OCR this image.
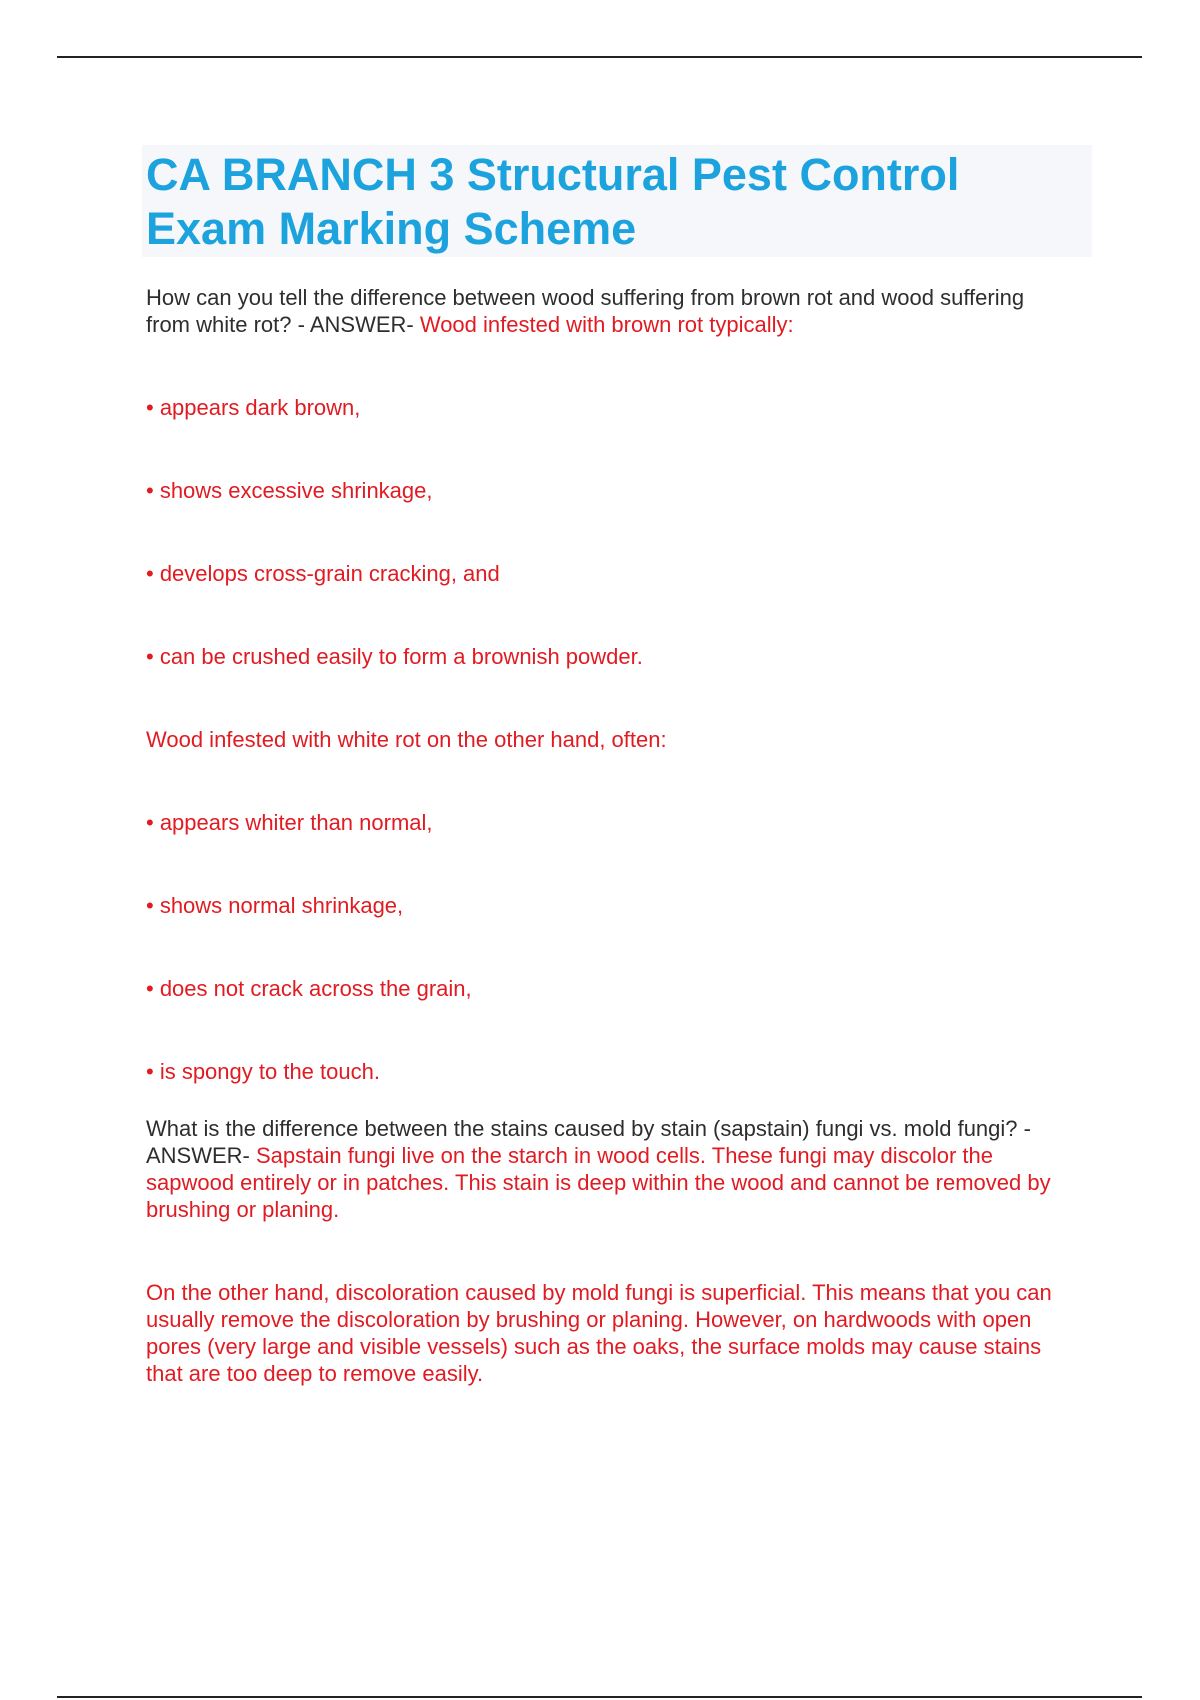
CA BRANCH 3 Structural Pest Control Exam Marking Scheme

How can you tell the difference between wood suffering from brown rot and wood suffering from white rot? - ANSWER- Wood infested with brown rot typically:

• appears dark brown,

• shows excessive shrinkage,

• develops cross-grain cracking, and

• can be crushed easily to form a brownish powder.

Wood infested with white rot on the other hand, often:

• appears whiter than normal,

• shows normal shrinkage,

• does not crack across the grain,

• is spongy to the touch.

What is the difference between the stains caused by stain (sapstain) fungi vs. mold fungi? - ANSWER- Sapstain fungi live on the starch in wood cells. These fungi may discolor the sapwood entirely or in patches. This stain is deep within the wood and cannot be removed by brushing or planing.

On the other hand, discoloration caused by mold fungi is superficial. This means that you can usually remove the discoloration by brushing or planing. However, on hardwoods with open pores (very large and visible vessels) such as the oaks, the surface molds may cause stains that are too deep to remove easily.
